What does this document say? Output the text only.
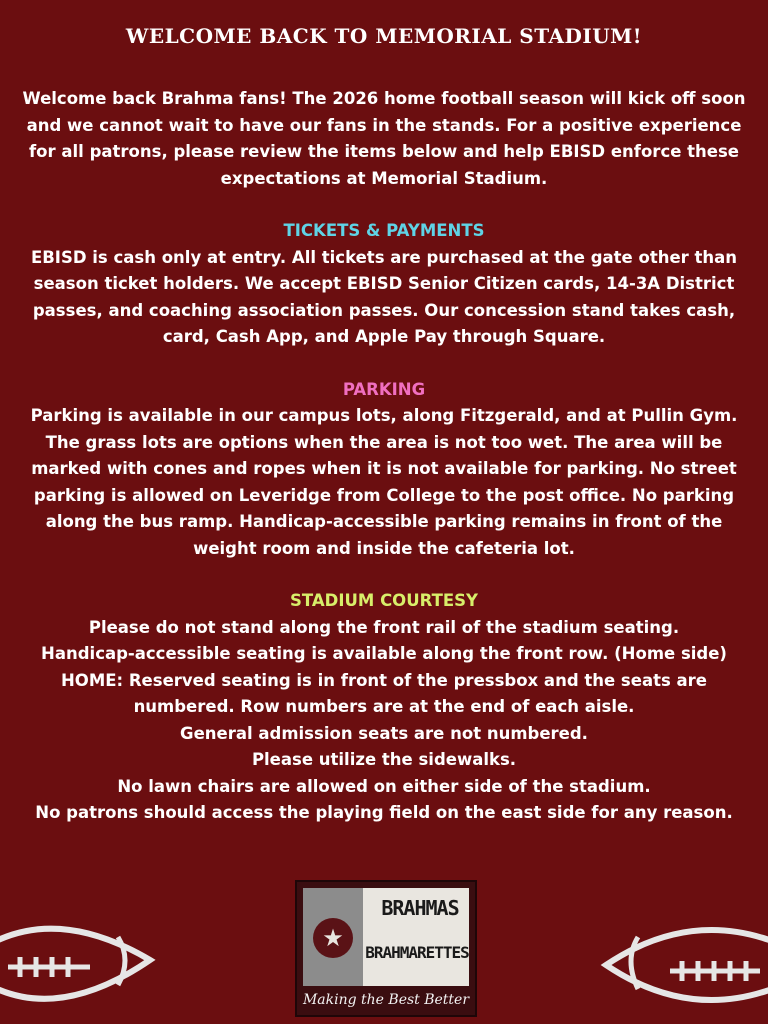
WELCOME BACK TO MEMORIAL STADIUM!
Welcome back Brahma fans! The 2026 home football season will kick off soon
and we cannot wait to have our fans in the stands. For a positive experience
for all patrons, please review the items below and help EBISD enforce these
expectations at Memorial Stadium.
TICKETS & PAYMENTS
EBISD is cash only at entry. All tickets are purchased at the gate other than
season ticket holders. We accept EBISD Senior Citizen cards, 14-3A District
passes, and coaching association passes. Our concession stand takes cash,
card, Cash App, and Apple Pay through Square.
PARKING
Parking is available in our campus lots, along Fitzgerald, and at Pullin Gym.
The grass lots are options when the area is not too wet. The area will be
marked with cones and ropes when it is not available for parking. No street
parking is allowed on Leveridge from College to the post office. No parking
along the bus ramp. Handicap-accessible parking remains in front of the
weight room and inside the cafeteria lot.
STADIUM COURTESY
Please do not stand along the front rail of the stadium seating.
Handicap-accessible seating is available along the front row. (Home side)
HOME: Reserved seating is in front of the pressbox and the seats are
numbered. Row numbers are at the end of each aisle.
General admission seats are not numbered.
Please utilize the sidewalks.
No lawn chairs are allowed on either side of the stadium.
No patrons should access the playing field on the east side for any reason.
★
BRAHMAS
BRAHMARETTES
Making the Best Better
